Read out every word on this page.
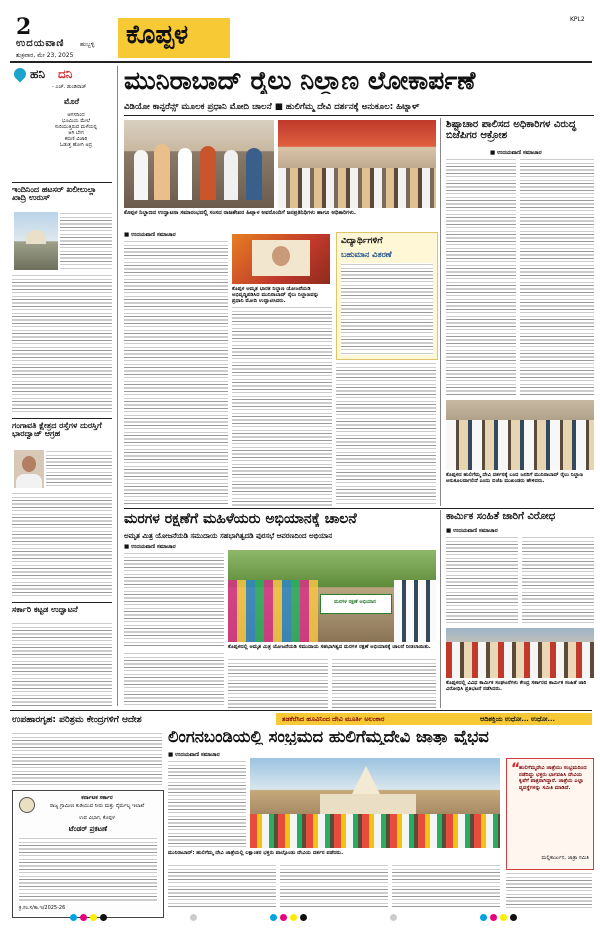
2
ಉದಯವಾಣಿ	ಹುಬ್ಬಳ್ಳಿ
ಶುಕ್ರವಾರ, ಮೇ 23, 2025
ಕೊಪ್ಪಳ
KPL2
ಹನಿ ದನಿ
- ಎಚ್. ಡುಂಡಿರಾಜ್
ಮೊರೆ
ಆಗಸದಿಂದ
ಭೂಮಿಯ ಮೇಲೆ
ಸುರಿಯುತ್ತಿರುವ ಮಳೆಯನ್ನ
ಆಗಿ ಬೇಗ
ಕರುಣಿ ವಿಜಾರಿ
ಓಡುತ್ತ ಹೋಗಿ ಅದ್ರ
ಇಂದಿನಿಂದ ಹಟಸರ್ ಖಲೀಲುಲ್ಲಾ ಖಾದ್ರಿ ಉರುಸ್
ಗಂಗಾವತಿ ಕ್ಷೇತ್ರದ ರಸ್ತೆಗಳ ದುರಸ್ತಿಗೆ ಭಾರದ್ವಾಜ್ ಆಗ್ರಹ
ಸರ್ಕಾರಿ ಕಟ್ಟಡ ಉದ್ಘಾಟನೆ
ಮುನಿರಾಬಾದ್ ರೈಲು ನಿಲ್ದಾಣ ಲೋಕಾರ್ಪಣೆ
ವಿಡಿಯೋ ಕಾನ್ಫರೆನ್ಸ್ ಮೂಲಕ ಪ್ರಧಾನಿ ಮೋದಿ ಚಾಲನೆ ■ ಹುಲಿಗೆಮ್ಮ ದೇವಿ ದರ್ಶನಕ್ಕೆ ಅನುಕೂಲ: ಹಿಟ್ನಾಳ್
ಕೊಪ್ಪಳ ನಿಲ್ದಾಣದ ಉದ್ಘಾಟನಾ ಸಮಾರಂಭದಲ್ಲಿ ಸಂಸದ ರಾಜಶೇಖರ ಹಿಟ್ನಾಳ ಅವರೊಂದಿಗೆ ಜನಪ್ರತಿನಿಧಿಗಳು ಹಾಗೂ ಅಧಿಕಾರಿಗಳು.
■ ಉದಯವಾಣಿ ಸಮಾಚಾರ
ಕೊಪ್ಪಳ ಅಮೃತ ಭಾರತ ನಿಲ್ದಾಣ ಯೋಜನೆಯಡಿ ಅಭಿವೃದ್ಧಿಪಡಿಸಿದ ಮುನಿರಾಬಾದ್ ರೈಲು ನಿಲ್ದಾಣವನ್ನು ಪ್ರಧಾನಿ ಮೋದಿ ಉದ್ಘಾಟಿಸಿದರು.
ವಿದ್ಯಾರ್ಥಿಗಳಿಗೆ
ಬಹುಮಾನ ವಿತರಣೆ
ಶಿಷ್ಟಾಚಾರ ಪಾಲಿಸದ ಅಧಿಕಾರಿಗಳ ವಿರುದ್ಧ ಬಿಜೆಪಿಗರ ಆಕ್ರೋಶ
■ ಉದಯವಾಣಿ ಸಮಾಚಾರ
ಕೊಪ್ಪಳದ ಹುಲಿಗೆಮ್ಮ ದೇವಿ ದರ್ಶನಕ್ಕೆ ಬಂದ ಜನರಿಗೆ ಮುನಿರಾಬಾದ್ ರೈಲು ನಿಲ್ದಾಣ ಅನುಕೂಲವಾಗಲಿದೆ ಎಂದು ಬಿಜೆಪಿ ಮುಖಂಡರು ಹೇಳಿದರು.
ಮರಗಳ ರಕ್ಷಣೆಗೆ ಮಹಿಳೆಯರು ಅಭಿಯಾನಕ್ಕೆ ಚಾಲನೆ
ಅಮೃತ ಮಿತ್ರ ಯೋಜನೆಯಡಿ ಸಮುದಾಯ ಸಹಭಾಗಿತ್ವದಡಿ ಪುರಸಭೆ ಆವರಣದಿಂದ ಅಭಿಯಾನ
■ ಉದಯವಾಣಿ ಸಮಾಚಾರ
ಮರಗಳ ರಕ್ಷಣೆ ಅಭಿಯಾನ
ಕೊಪ್ಪಳದಲ್ಲಿ ಅಮೃತ ಮಿತ್ರ ಯೋಜನೆಯಡಿ ಸಮುದಾಯ ಸಹಭಾಗಿತ್ವದ ಮರಗಳ ರಕ್ಷಣೆ ಅಭಿಯಾನಕ್ಕೆ ಚಾಲನೆ ನೀಡಲಾಯಿತು.
ಕಾರ್ಮಿಕ ಸಂಹಿತೆ ಜಾರಿಗೆ ವಿರೋಧ
■ ಉದಯವಾಣಿ ಸಮಾಚಾರ
ಕೊಪ್ಪಳದಲ್ಲಿ ವಿವಿಧ ಕಾರ್ಮಿಕ ಸಂಘಟನೆಗಳು ಕೇಂದ್ರ ಸರ್ಕಾರದ ಕಾರ್ಮಿಕ ಸಂಹಿತೆ ಜಾರಿ ವಿರೋಧಿಸಿ ಪ್ರತಿಭಟನೆ ನಡೆಸಿದರು.
ತಡಕೆರೆಸಿದ ಹೂವಿನಿಂದ ದೇವಿ ಮೂರ್ತಿ ಅಲಂಕಾರ	ಆದಿಶಕ್ತಿಯ ಉಧೋ... ಉಧೋ...
ಉಪಹಾರಗೃಹ: ಪರಿಶ್ರಮ ಕೇಂದ್ರಗಳಿಗೆ ಆದೇಶ
ಕರ್ನಾಟಕ ಸರ್ಕಾರ
ರಾಜ್ಯ ಗ್ರಾಮೀಣ ಕುಡಿಯುವ ನೀರು ಮತ್ತು ನೈರ್ಮಲ್ಯ ಇಲಾಖೆ
ಉಪ ವಿಭಾಗ, ಕೊಪ್ಪಳ
ಟೆಂಡರ್ ಪ್ರಕಟಣೆ
ಕ್ರ.ಸಂ.ಸ/ಕಾ.ಇ/2025-26
ಲಿಂಗನಬಂಡಿಯಲ್ಲಿ ಸಂಭ್ರಮದ ಹುಲಿಗೆಮ್ಮದೇವಿ ಜಾತ್ರಾ ವೈಭವ
■ ಉದಯವಾಣಿ ಸಮಾಚಾರ
ಮುನಿರಾಬಾದ್: ಹುಲಿಗೆಮ್ಮ ದೇವಿ ಜಾತ್ರೆಯಲ್ಲಿ ಲಕ್ಷಾಂತರ ಭಕ್ತರು ಪಾಲ್ಗೊಂಡು ದೇವಿಯ ದರ್ಶನ ಪಡೆದರು.
“
ಹುಲಿಗೆಮ್ಮದೇವಿ ಜಾತ್ರೆಯು ಸಂಭ್ರಮದಿಂದ ನಡೆದಿದ್ದು ಭಕ್ತರು ಭಾಗವಹಿಸಿ ದೇವಿಯ ಕೃಪೆಗೆ ಪಾತ್ರರಾಗಿದ್ದಾರೆ. ಜಾತ್ರೆಯ ಎಲ್ಲಾ ವ್ಯವಸ್ಥೆಗಳನ್ನು ಸಮಿತಿ ಮಾಡಿದೆ.
ಮಲ್ಲಿಕಾರ್ಜುನ, ಜಾತ್ರಾ ಸಮಿತಿ
